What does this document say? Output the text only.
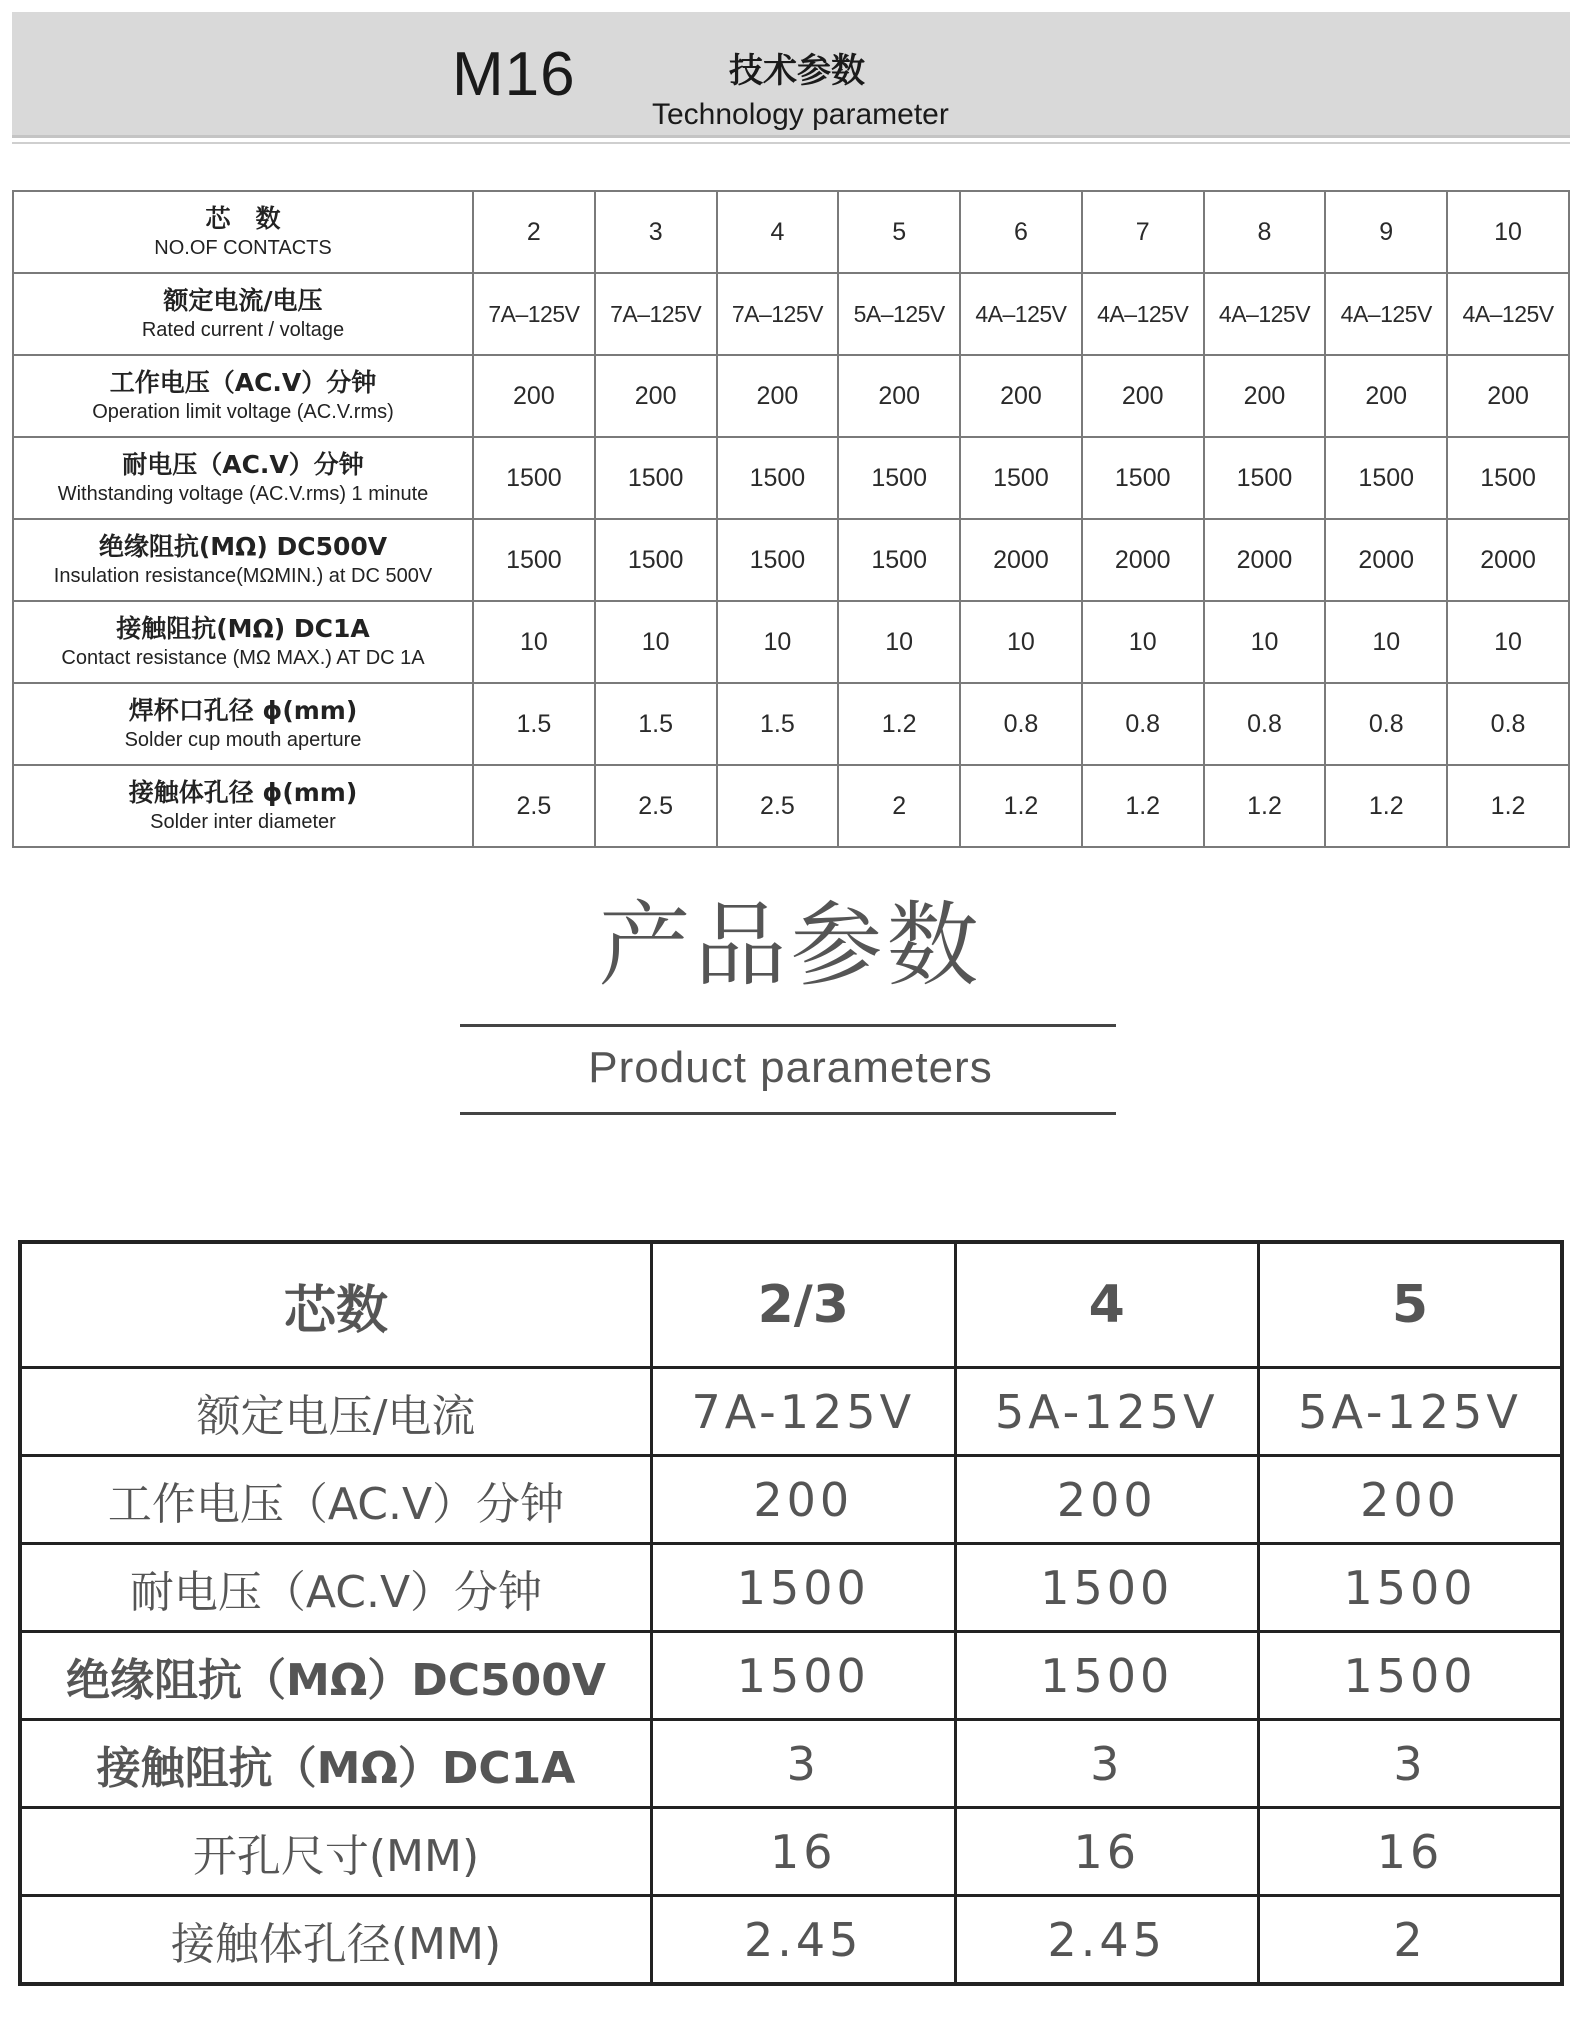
M16	技术参数
Technology parameter
芯　数
NO.OF CONTACTS	2	3	4	5	6	7	8	9	10

额定电流/电压
Rated current / voltage	7A–125V	7A–125V	7A–125V	5A–125V	4A–125V	4A–125V	4A–125V	4A–125V	4A–125V

工作电压（AC.V）分钟
Operation limit voltage (AC.V.rms)	200	200	200	200	200	200	200	200	200

耐电压（AC.V）分钟
Withstanding voltage (AC.V.rms) 1 minute	1500	1500	1500	1500	1500	1500	1500	1500	1500

绝缘阻抗(MΩ) DC500V
Insulation resistance(MΩMIN.) at DC 500V	1500	1500	1500	1500	2000	2000	2000	2000	2000

接触阻抗(MΩ) DC1A
Contact resistance (MΩ MAX.) AT DC 1A	10	10	10	10	10	10	10	10	10

焊杯口孔径 ϕ(mm)
Solder cup mouth aperture	1.5	1.5	1.5	1.2	0.8	0.8	0.8	0.8	0.8

接触体孔径 ϕ(mm)
Solder inter diameter	2.5	2.5	2.5	2	1.2	1.2	1.2	1.2	1.2
产品参数
Product parameters
芯数	2/3	4	5
额定电压/电流	7A-125V	5A-125V	5A-125V
工作电压（AC.V）分钟	200	200	200
耐电压（AC.V）分钟	1500	1500	1500
绝缘阻抗（MΩ）DC500V	1500	1500	1500
接触阻抗（MΩ）DC1A	3	3	3
开孔尺寸(MM)	16	16	16
接触体孔径(MM)	2.45	2.45	2
